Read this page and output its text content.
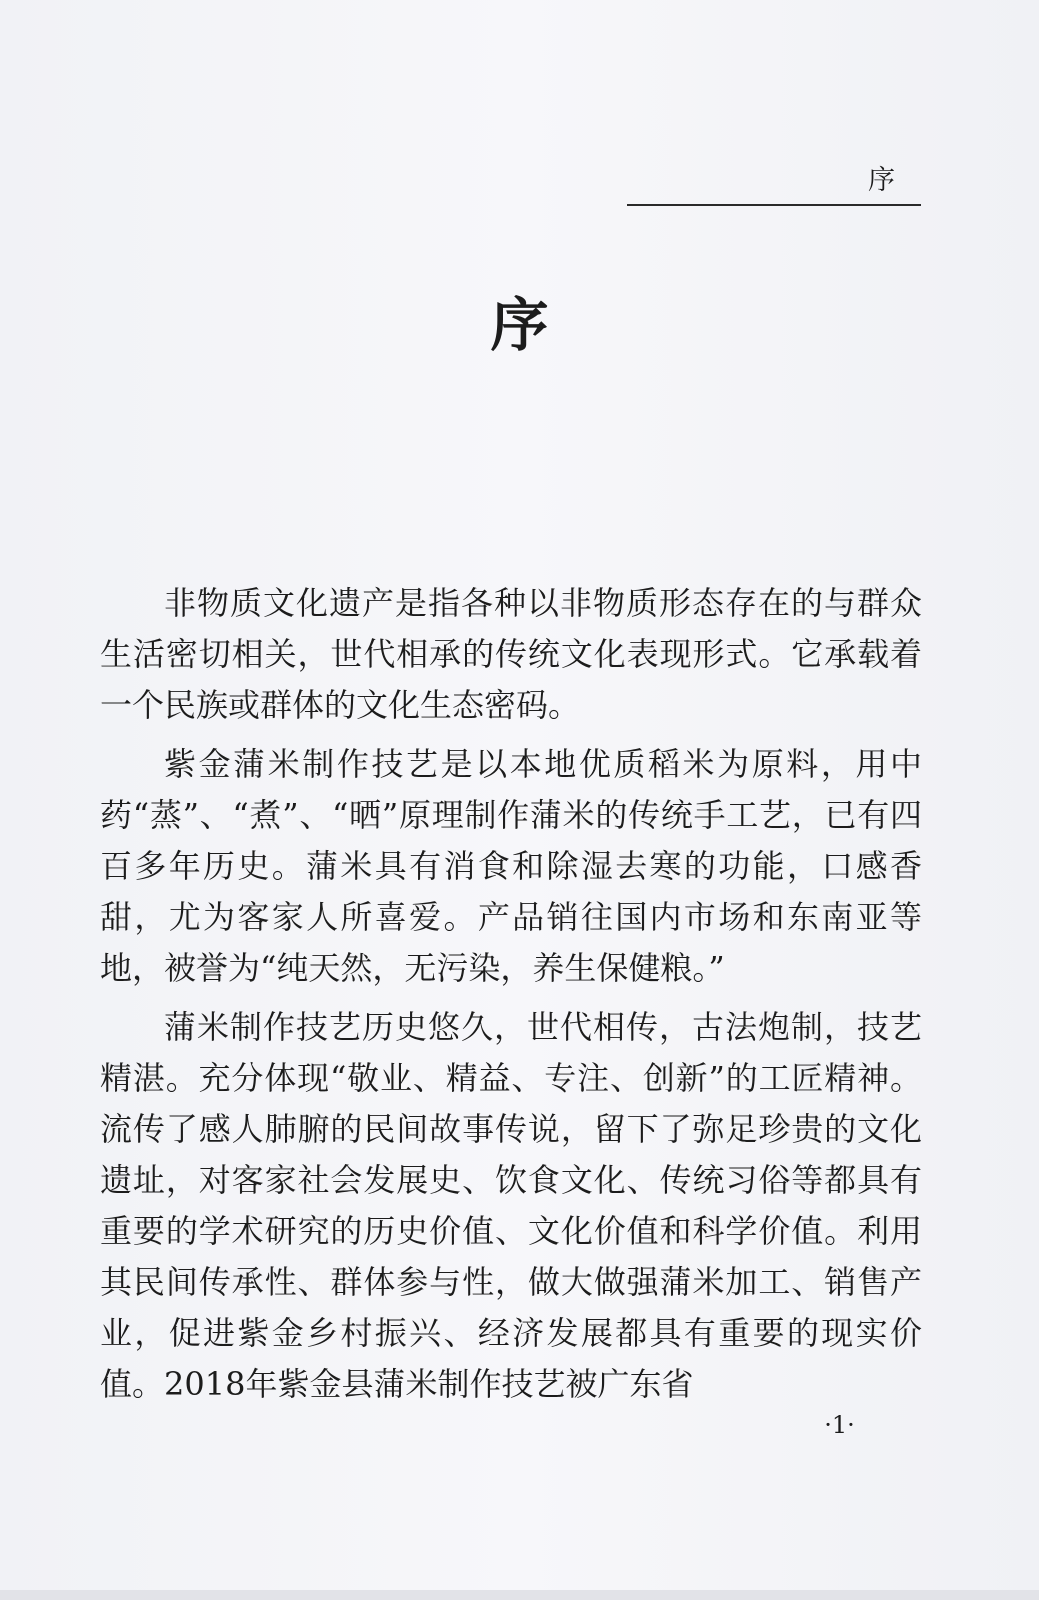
序
序

非物质文化遗产是指各种以非物质形态存在的与群众生活密切相关，世代相承的传统文化表现形式。它承载着一个民族或群体的文化生态密码。

紫金蒲米制作技艺是以本地优质稻米为原料，用中药“蒸”、“煮”、“晒”原理制作蒲米的传统手工艺，已有四百多年历史。蒲米具有消食和除湿去寒的功能，口感香甜，尤为客家人所喜爱。产品销往国内市场和东南亚等地，被誉为“纯天然，无污染，养生保健粮。”

蒲米制作技艺历史悠久，世代相传，古法炮制，技艺精湛。充分体现“敬业、精益、专注、创新”的工匠精神。流传了感人肺腑的民间故事传说，留下了弥足珍贵的文化遗址，对客家社会发展史、饮食文化、传统习俗等都具有重要的学术研究的历史价值、文化价值和科学价值。利用其民间传承性、群体参与性，做大做强蒲米加工、销售产业，促进紫金乡村振兴、经济发展都具有重要的现实价值。2018年紫金县蒲米制作技艺被广东省

·1·
